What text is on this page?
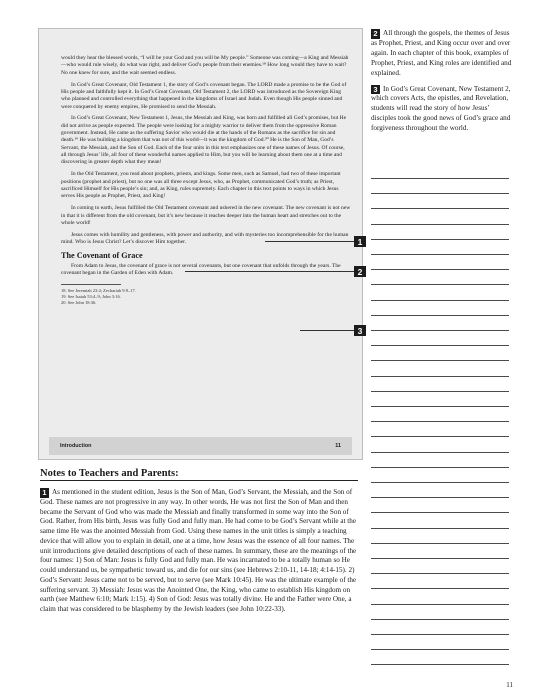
would they hear the blessed words, “I will be your God and you will be My people.” Someone was coming—a King and Messiah—who would rule wisely, do what was right, and deliver God’s people from their enemies.¹⁸ How long would they have to wait? No one knew for sure, and the wait seemed endless.

In God’s Great Covenant, Old Testament 1, the story of God’s covenant began. The LORD made a promise to be the God of His people and faithfully kept it. In God’s Great Covenant, Old Testament 2, the LORD was introduced as the Sovereign King who planned and controlled everything that happened in the kingdoms of Israel and Judah. Even though His people sinned and were conquered by enemy empires, He promised to send the Messiah.

In God’s Great Covenant, New Testament 1, Jesus, the Messiah and King, was born and fulfilled all God’s promises, but He did not arrive as people expected. The people were looking for a mighty warrior to deliver them from the oppressive Roman government. Instead, He came as the suffering Savior who would die at the hands of the Romans as the sacrifice for sin and death.¹⁹ He was building a kingdom that was not of this world—it was the kingdom of God.²⁰ He is the Son of Man, God’s Servant, the Messiah, and the Son of God. Each of the four units in this text emphasizes one of these names of Jesus. Of course, all through Jesus’ life, all four of these wonderful names applied to Him, but you will be learning about them one at a time and discovering in greater depth what they mean!

In the Old Testament, you read about prophets, priests, and kings. Some men, such as Samuel, had two of these important positions (prophet and priest), but no one was all three except Jesus, who, as Prophet, communicated God’s truth; as Priest, sacrificed Himself for His people’s sin; and, as King, rules supremely. Each chapter in this text points to ways in which Jesus serves His people as Prophet, Priest, and King!

In coming to earth, Jesus fulfilled the Old Testament covenant and ushered in the new covenant. The new covenant is not new in that it is different from the old covenant, but it’s new because it reaches deeper into the human heart and stretches out to the whole world!

Jesus comes with humility and gentleness, with power and authority, and with mysteries too incomprehensible for the human mind. Who is Jesus Christ? Let’s discover Him together.

The Covenant of Grace

From Adam to Jesus, the covenant of grace is not several covenants, but one covenant that unfolds through the years. The covenant began in the Garden of Eden with Adam.

18. See Jeremiah 23:4; Zechariah 9:9–17.

19. See Isaiah 53:4–9; John 3:16.

20. See John 18:36.

Introduction	11
1
2
3

2 All through the gospels, the themes of Jesus as Prophet, Priest, and King occur over and over again. In each chapter of this book, examples of Prophet, Priest, and King roles are identified and explained.

3 In God’s Great Covenant, New Testament 2, which covers Acts, the epistles, and Revelation, students will read the story of how Jesus’ disciples took the good news of God’s grace and forgiveness throughout the world.

Notes to Teachers and Parents:

1 As mentioned in the student edition, Jesus is the Son of Man, God’s Servant, the Messiah, and the Son of God. These names are not progressive in any way. In other words, He was not first the Son of Man and then became the Servant of God who was made the Messiah and finally transformed in some way into the Son of God. Rather, from His birth, Jesus was fully God and fully man. He had come to be God’s Servant while at the same time He was the anointed Messiah from God. Using these names in the unit titles is simply a teaching device that will allow you to explain in detail, one at a time, how Jesus was the essence of all four names. The unit introductions give detailed descriptions of each of these names. In summary, these are the meanings of the four names: 1) Son of Man: Jesus is fully God and fully man. He was incarnated to be a totally human so He could understand us, be sympathetic toward us, and die for our sins (see Hebrews 2:10-11, 14-18; 4:14-15). 2) God’s Servant: Jesus came not to be served, but to serve (see Mark 10:45). He was the ultimate example of the suffering servant. 3) Messiah: Jesus was the Anointed One, the King, who came to establish His kingdom on earth (see Matthew 6:10; Mark 1:15). 4) Son of God: Jesus was totally divine. He and the Father were One, a claim that was considered to be blasphemy by the Jewish leaders (see John 10:22-33).

11
